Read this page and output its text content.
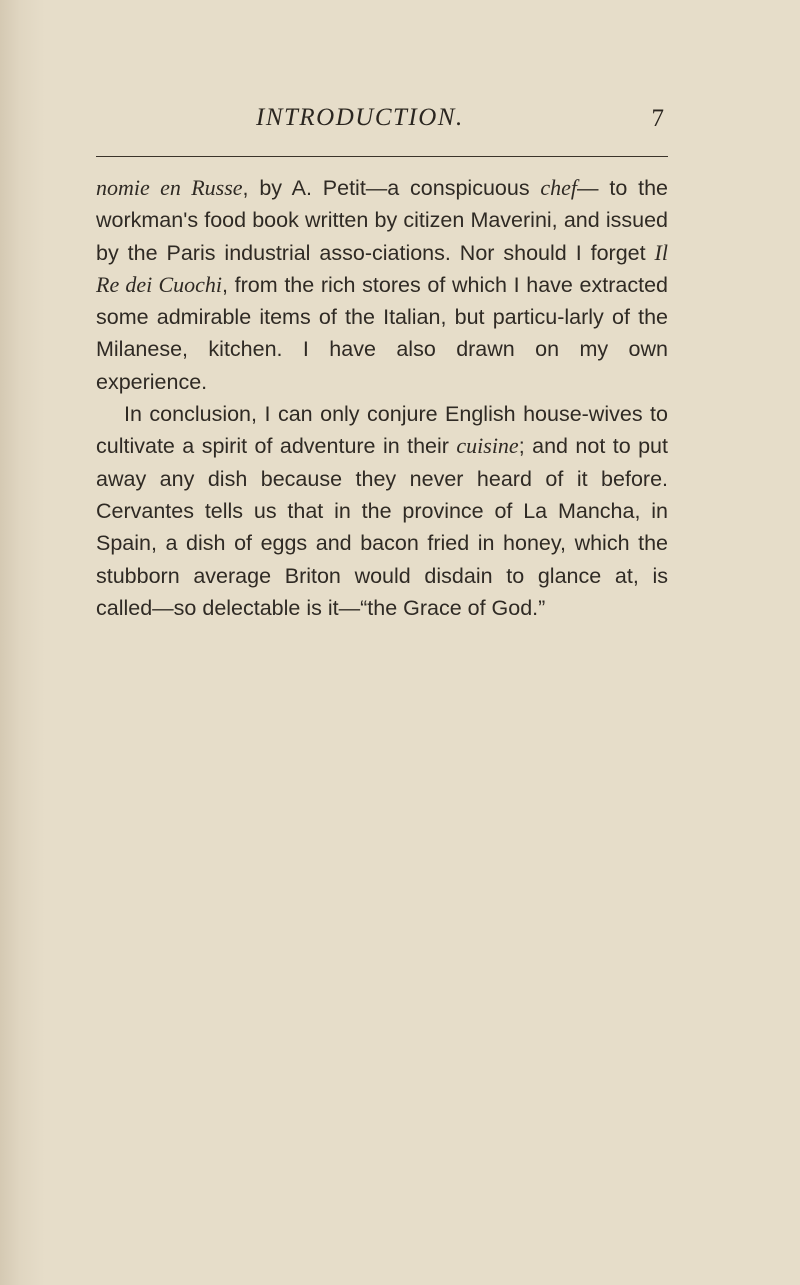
INTRODUCTION.	7

nomie en Russe, by A. Petit—a conspicuous chef— to the workman's food book written by citizen Maverini, and issued by the Paris industrial asso-ciations. Nor should I forget Il Re dei Cuochi, from the rich stores of which I have extracted some admirable items of the Italian, but particu-larly of the Milanese, kitchen. I have also drawn on my own experience.

In conclusion, I can only conjure English house-wives to cultivate a spirit of adventure in their cuisine; and not to put away any dish because they never heard of it before. Cervantes tells us that in the province of La Mancha, in Spain, a dish of eggs and bacon fried in honey, which the stubborn average Briton would disdain to glance at, is called—so delectable is it—“the Grace of God.”
